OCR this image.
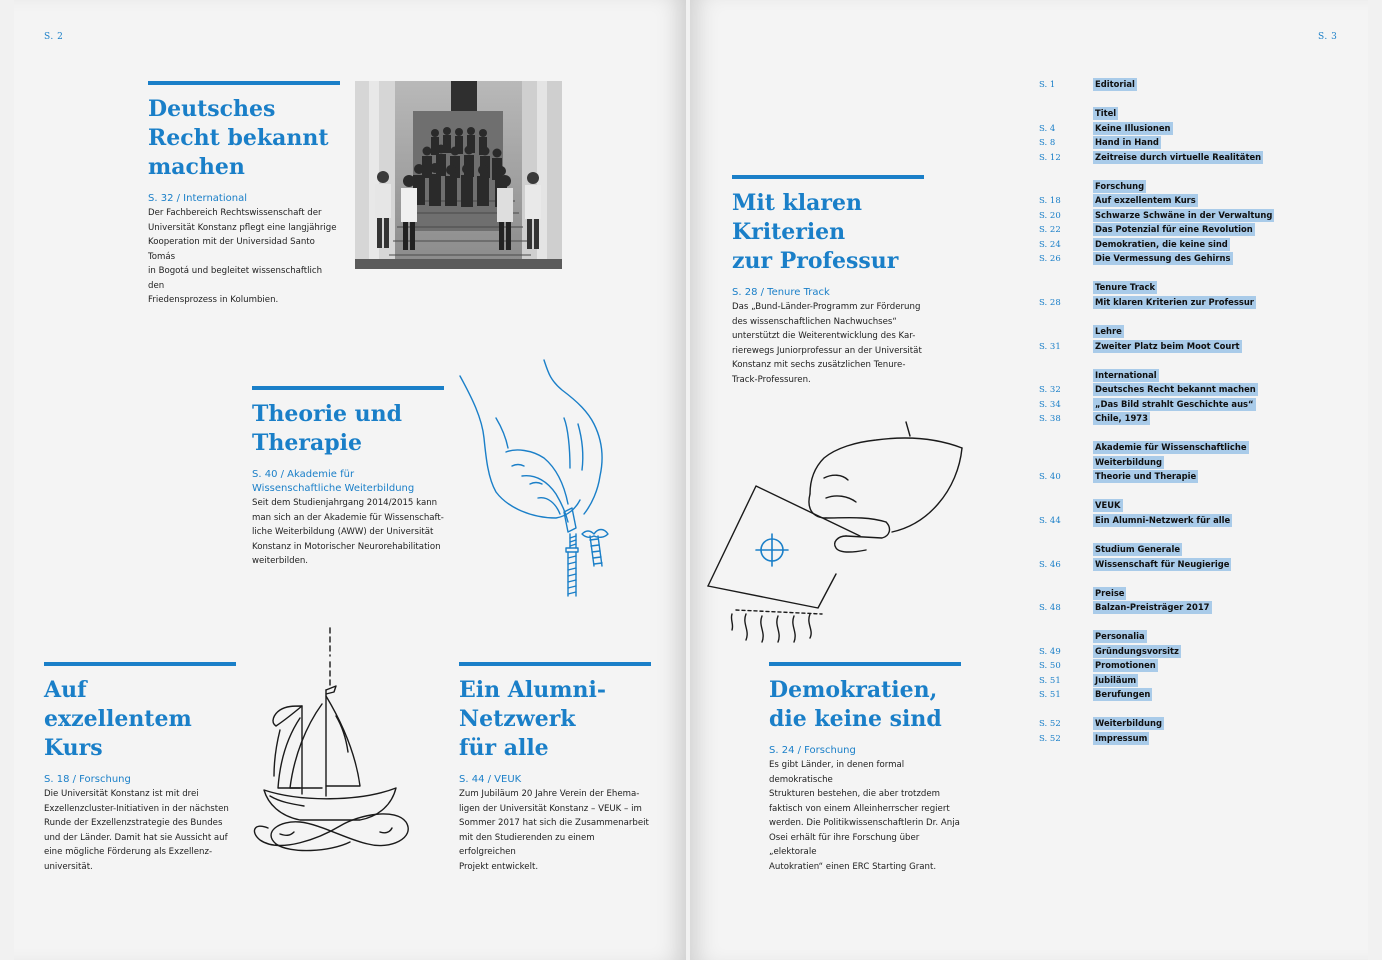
S. 2
Deutsches
Recht bekannt
machen
S. 32 / International

Der Fachbereich Rechtswissenschaft der
Universität Konstanz pflegt eine langjährige
Kooperation mit der Universidad Santo Tomás
in Bogotá und begleitet wissenschaftlich den
Friedensprozess in Kolumbien.

Theorie und
Therapie
S. 40 / Akademie für Wissenschaftliche Weiterbildung

Seit dem Studienjahrgang 2014/2015 kann
man sich an der Akademie für Wissenschaft-
liche Weiterbildung (AWW) der Universität
Konstanz in Motorischer Neurorehabilitation
weiterbilden.

Auf
exzellentem
Kurs
S. 18 / Forschung

Die Universität Konstanz ist mit drei
Exzellenzcluster-Initiativen in der nächsten
Runde der Exzellenzstrategie des Bundes
und der Länder. Damit hat sie Aussicht auf
eine mögliche Förderung als Exzellenz-
universität.

Ein Alumni-
Netzwerk
für alle
S. 44 / VEUK

Zum Jubiläum 20 Jahre Verein der Ehema-
ligen der Universität Konstanz – VEUK – im
Sommer 2017 hat sich die Zusammenarbeit
mit den Studierenden zu einem erfolgreichen
Projekt entwickelt.

S. 3
Mit klaren
Kriterien
zur Professur
S. 28 / Tenure Track

Das „Bund-Länder-Programm zur Förderung
des wissenschaftlichen Nachwuchses“
unterstützt die Weiterentwicklung des Kar-
rierewegs Juniorprofessur an der Universität
Konstanz mit sechs zusätzlichen Tenure-
Track-Professuren.

Demokratien,
die keine sind
S. 24 / Forschung

Es gibt Länder, in denen formal demokratische
Strukturen bestehen, die aber trotzdem
faktisch von einem Alleinherrscher regiert
werden. Die Politikwissenschaftlerin Dr. Anja
Osei erhält für ihre Forschung über „elektorale
Autokratien“ einen ERC Starting Grant.

S. 1	Editorial
Titel
S. 4	Keine Illusionen
S. 8	Hand in Hand
S. 12	Zeitreise durch virtuelle Realitäten
Forschung
S. 18	Auf exzellentem Kurs
S. 20	Schwarze Schwäne in der Verwaltung
S. 22	Das Potenzial für eine Revolution
S. 24	Demokratien, die keine sind
S. 26	Die Vermessung des Gehirns
Tenure Track
S. 28	Mit klaren Kriterien zur Professur
Lehre
S. 31	Zweiter Platz beim Moot Court
International
S. 32	Deutsches Recht bekannt machen
S. 34	„Das Bild strahlt Geschichte aus“
S. 38	Chile, 1973
Akademie für Wissenschaftliche
Weiterbildung
S. 40	Theorie und Therapie
VEUK
S. 44	Ein Alumni-Netzwerk für alle
Studium Generale
S. 46	Wissenschaft für Neugierige
Preise
S. 48	Balzan-Preisträger 2017
Personalia
S. 49	Gründungsvorsitz
S. 50	Promotionen
S. 51	Jubiläum
S. 51	Berufungen
S. 52	Weiterbildung
S. 52	Impressum
